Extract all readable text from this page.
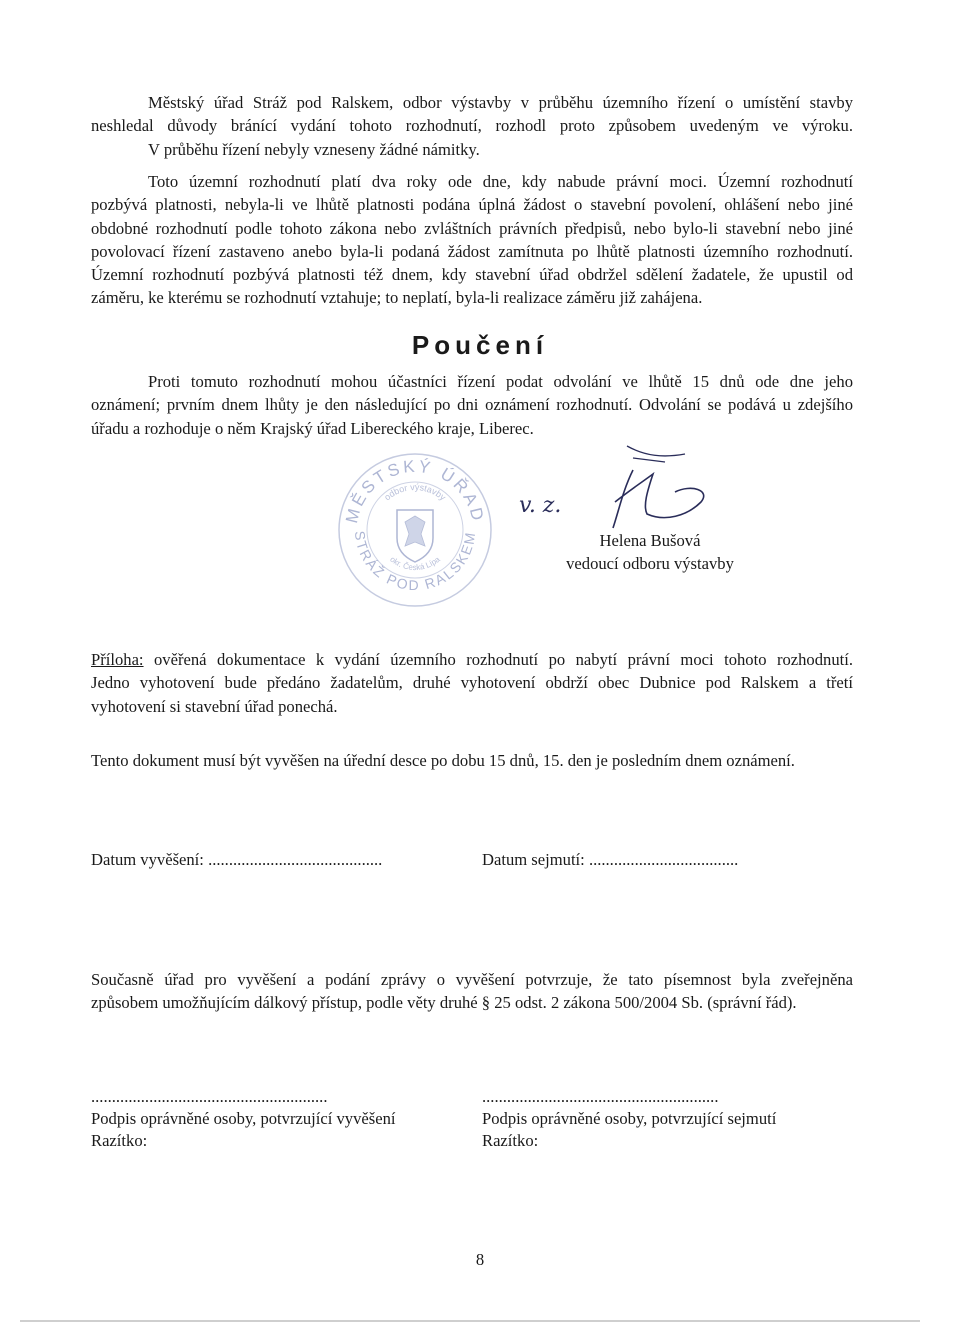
Městský úřad Stráž pod Ralskem, odbor výstavby v průběhu územního řízení o umístění stavby
neshledal důvody bránící vydání tohoto rozhodnutí, rozhodl proto způsobem uvedeným ve výroku.
V průběhu řízení nebyly vzneseny žádné námitky.
Toto územní rozhodnutí platí dva roky ode dne, kdy nabude právní moci. Územní rozhodnutí
pozbývá platnosti, nebyla-li ve lhůtě platnosti podána úplná žádost o stavební povolení, ohlášení nebo jiné
obdobné rozhodnutí podle tohoto zákona nebo zvláštních právních předpisů, nebo bylo-li stavební nebo jiné
povolovací řízení zastaveno anebo byla-li podaná žádost zamítnuta po lhůtě platnosti územního rozhodnutí.
Územní rozhodnutí pozbývá platnosti též dnem, kdy stavební úřad obdržel sdělení žadatele, že upustil od
záměru, ke kterému se rozhodnutí vztahuje; to neplatí, byla-li realizace záměru již zahájena.
Poučení
Proti tomuto rozhodnutí mohou účastníci řízení podat odvolání ve lhůtě 15 dnů ode dne jeho
oznámení; prvním dnem lhůty je den následující po dni oznámení rozhodnutí. Odvolání se podává u zdejšího
úřadu a rozhoduje o něm Krajský úřad Libereckého kraje, Liberec.
MĚSTSKÝ ÚŘAD
odbor výstavby
STRÁŽ POD RALSKEM
okr. Česká Lípa
v. z.
Helena Bušová
vedoucí odboru výstavby
Příloha: ověřená dokumentace k vydání územního rozhodnutí po nabytí právní moci tohoto rozhodnutí.
Jedno vyhotovení bude předáno žadatelům, druhé vyhotovení obdrží obec Dubnice pod Ralskem a třetí
vyhotovení si stavební úřad ponechá.
Tento dokument musí být vyvěšen na úřední desce po dobu 15 dnů, 15. den je posledním dnem oznámení.
Datum vyvěšení: ..........................................	Datum sejmutí: ....................................
Současně úřad pro vyvěšení a podání zprávy o vyvěšení potvrzuje, že tato písemnost byla zveřejněna
způsobem umožňujícím dálkový přístup, podle věty druhé § 25 odst. 2 zákona 500/2004 Sb. (správní řád).
.........................................................
Podpis oprávněné osoby, potvrzující vyvěšení
Razítko:
.........................................................
Podpis oprávněné osoby, potvrzující sejmutí
Razítko:
8
